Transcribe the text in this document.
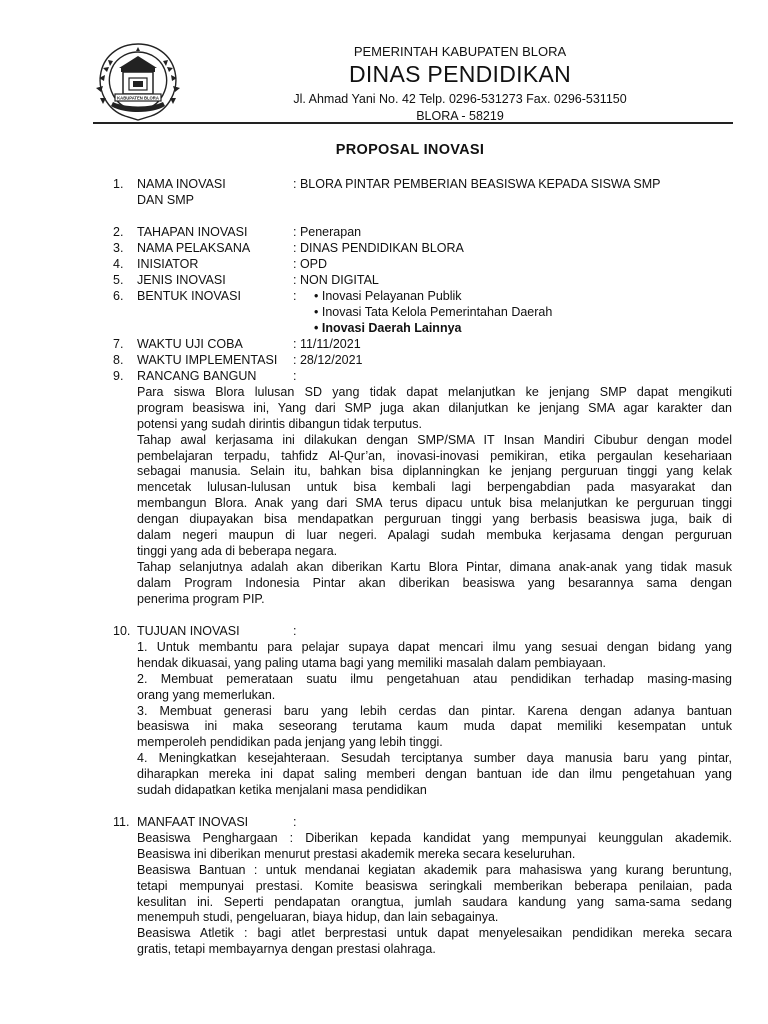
KABUPATEN BLORA
PEMERINTAH KABUPATEN BLORA
DINAS PENDIDIKAN
Jl. Ahmad Yani No. 42 Telp. 0296-531273 Fax. 0296-531150
BLORA - 58219
PROPOSAL INOVASI
1. NAMA INOVASI	: BLORA PINTAR PEMBERIAN BEASISWA KEPADA SISWA SMP
DAN SMP
2. TAHAPAN INOVASI	: Penerapan
3. NAMA PELAKSANA	: DINAS PENDIDIKAN BLORA
4. INISIATOR	: OPD
5. JENIS INOVASI	: NON DIGITAL
6. BENTUK INOVASI	: • Inovasi Pelayanan Publik
• Inovasi Tata Kelola Pemerintahan Daerah
• Inovasi Daerah Lainnya
7. WAKTU UJI COBA	: 11/11/2021
8. WAKTU IMPLEMENTASI : 28/12/2021
9. RANCANG BANGUN	:
Para siswa Blora lulusan SD yang tidak dapat melanjutkan ke jenjang SMP dapat mengikuti
program beasiswa ini, Yang dari SMP juga akan dilanjutkan ke jenjang SMA agar karakter dan
potensi yang sudah dirintis dibangun tidak terputus.
Tahap awal kerjasama ini dilakukan dengan SMP/SMA IT Insan Mandiri Cibubur dengan model
pembelajaran terpadu, tahfidz Al-Qur’an, inovasi-inovasi pemikiran, etika pergaulan kesehariaan
sebagai manusia. Selain itu, bahkan bisa diplanningkan ke jenjang perguruan tinggi yang kelak
mencetak lulusan-lulusan untuk bisa kembali lagi berpengabdian pada masyarakat dan
membangun Blora. Anak yang dari SMA terus dipacu untuk bisa melanjutkan ke perguruan tinggi
dengan diupayakan bisa mendapatkan perguruan tinggi yang berbasis beasiswa juga, baik di
dalam negeri maupun di luar negeri. Apalagi sudah membuka kerjasama dengan perguruan
tinggi yang ada di beberapa negara.
Tahap selanjutnya adalah akan diberikan Kartu Blora Pintar, dimana anak-anak yang tidak masuk
dalam Program Indonesia Pintar akan diberikan beasiswa yang besarannya sama dengan
penerima program PIP.
10. TUJUAN INOVASI	:
1. Untuk membantu para pelajar supaya dapat mencari ilmu yang sesuai dengan bidang yang
hendak dikuasai, yang paling utama bagi yang memiliki masalah dalam pembiayaan.
2. Membuat pemerataan suatu ilmu pengetahuan atau pendidikan terhadap masing-masing
orang yang memerlukan.
3. Membuat generasi baru yang lebih cerdas dan pintar. Karena dengan adanya bantuan
beasiswa ini maka seseorang terutama kaum muda dapat memiliki kesempatan untuk
memperoleh pendidikan pada jenjang yang lebih tinggi.
4. Meningkatkan kesejahteraan. Sesudah terciptanya sumber daya manusia baru yang pintar,
diharapkan mereka ini dapat saling memberi dengan bantuan ide dan ilmu pengetahuan yang
sudah didapatkan ketika menjalani masa pendidikan
11. MANFAAT INOVASI	:
Beasiswa Penghargaan : Diberikan kepada kandidat yang mempunyai keunggulan akademik.
Beasiswa ini diberikan menurut prestasi akademik mereka secara keseluruhan.
Beasiswa Bantuan : untuk mendanai kegiatan akademik para mahasiswa yang kurang beruntung,
tetapi mempunyai prestasi. Komite beasiswa seringkali memberikan beberapa penilaian, pada
kesulitan ini. Seperti pendapatan orangtua, jumlah saudara kandung yang sama-sama sedang
menempuh studi, pengeluaran, biaya hidup, dan lain sebagainya.
Beasiswa Atletik : bagi atlet berprestasi untuk dapat menyelesaikan pendidikan mereka secara
gratis, tetapi membayarnya dengan prestasi olahraga.
